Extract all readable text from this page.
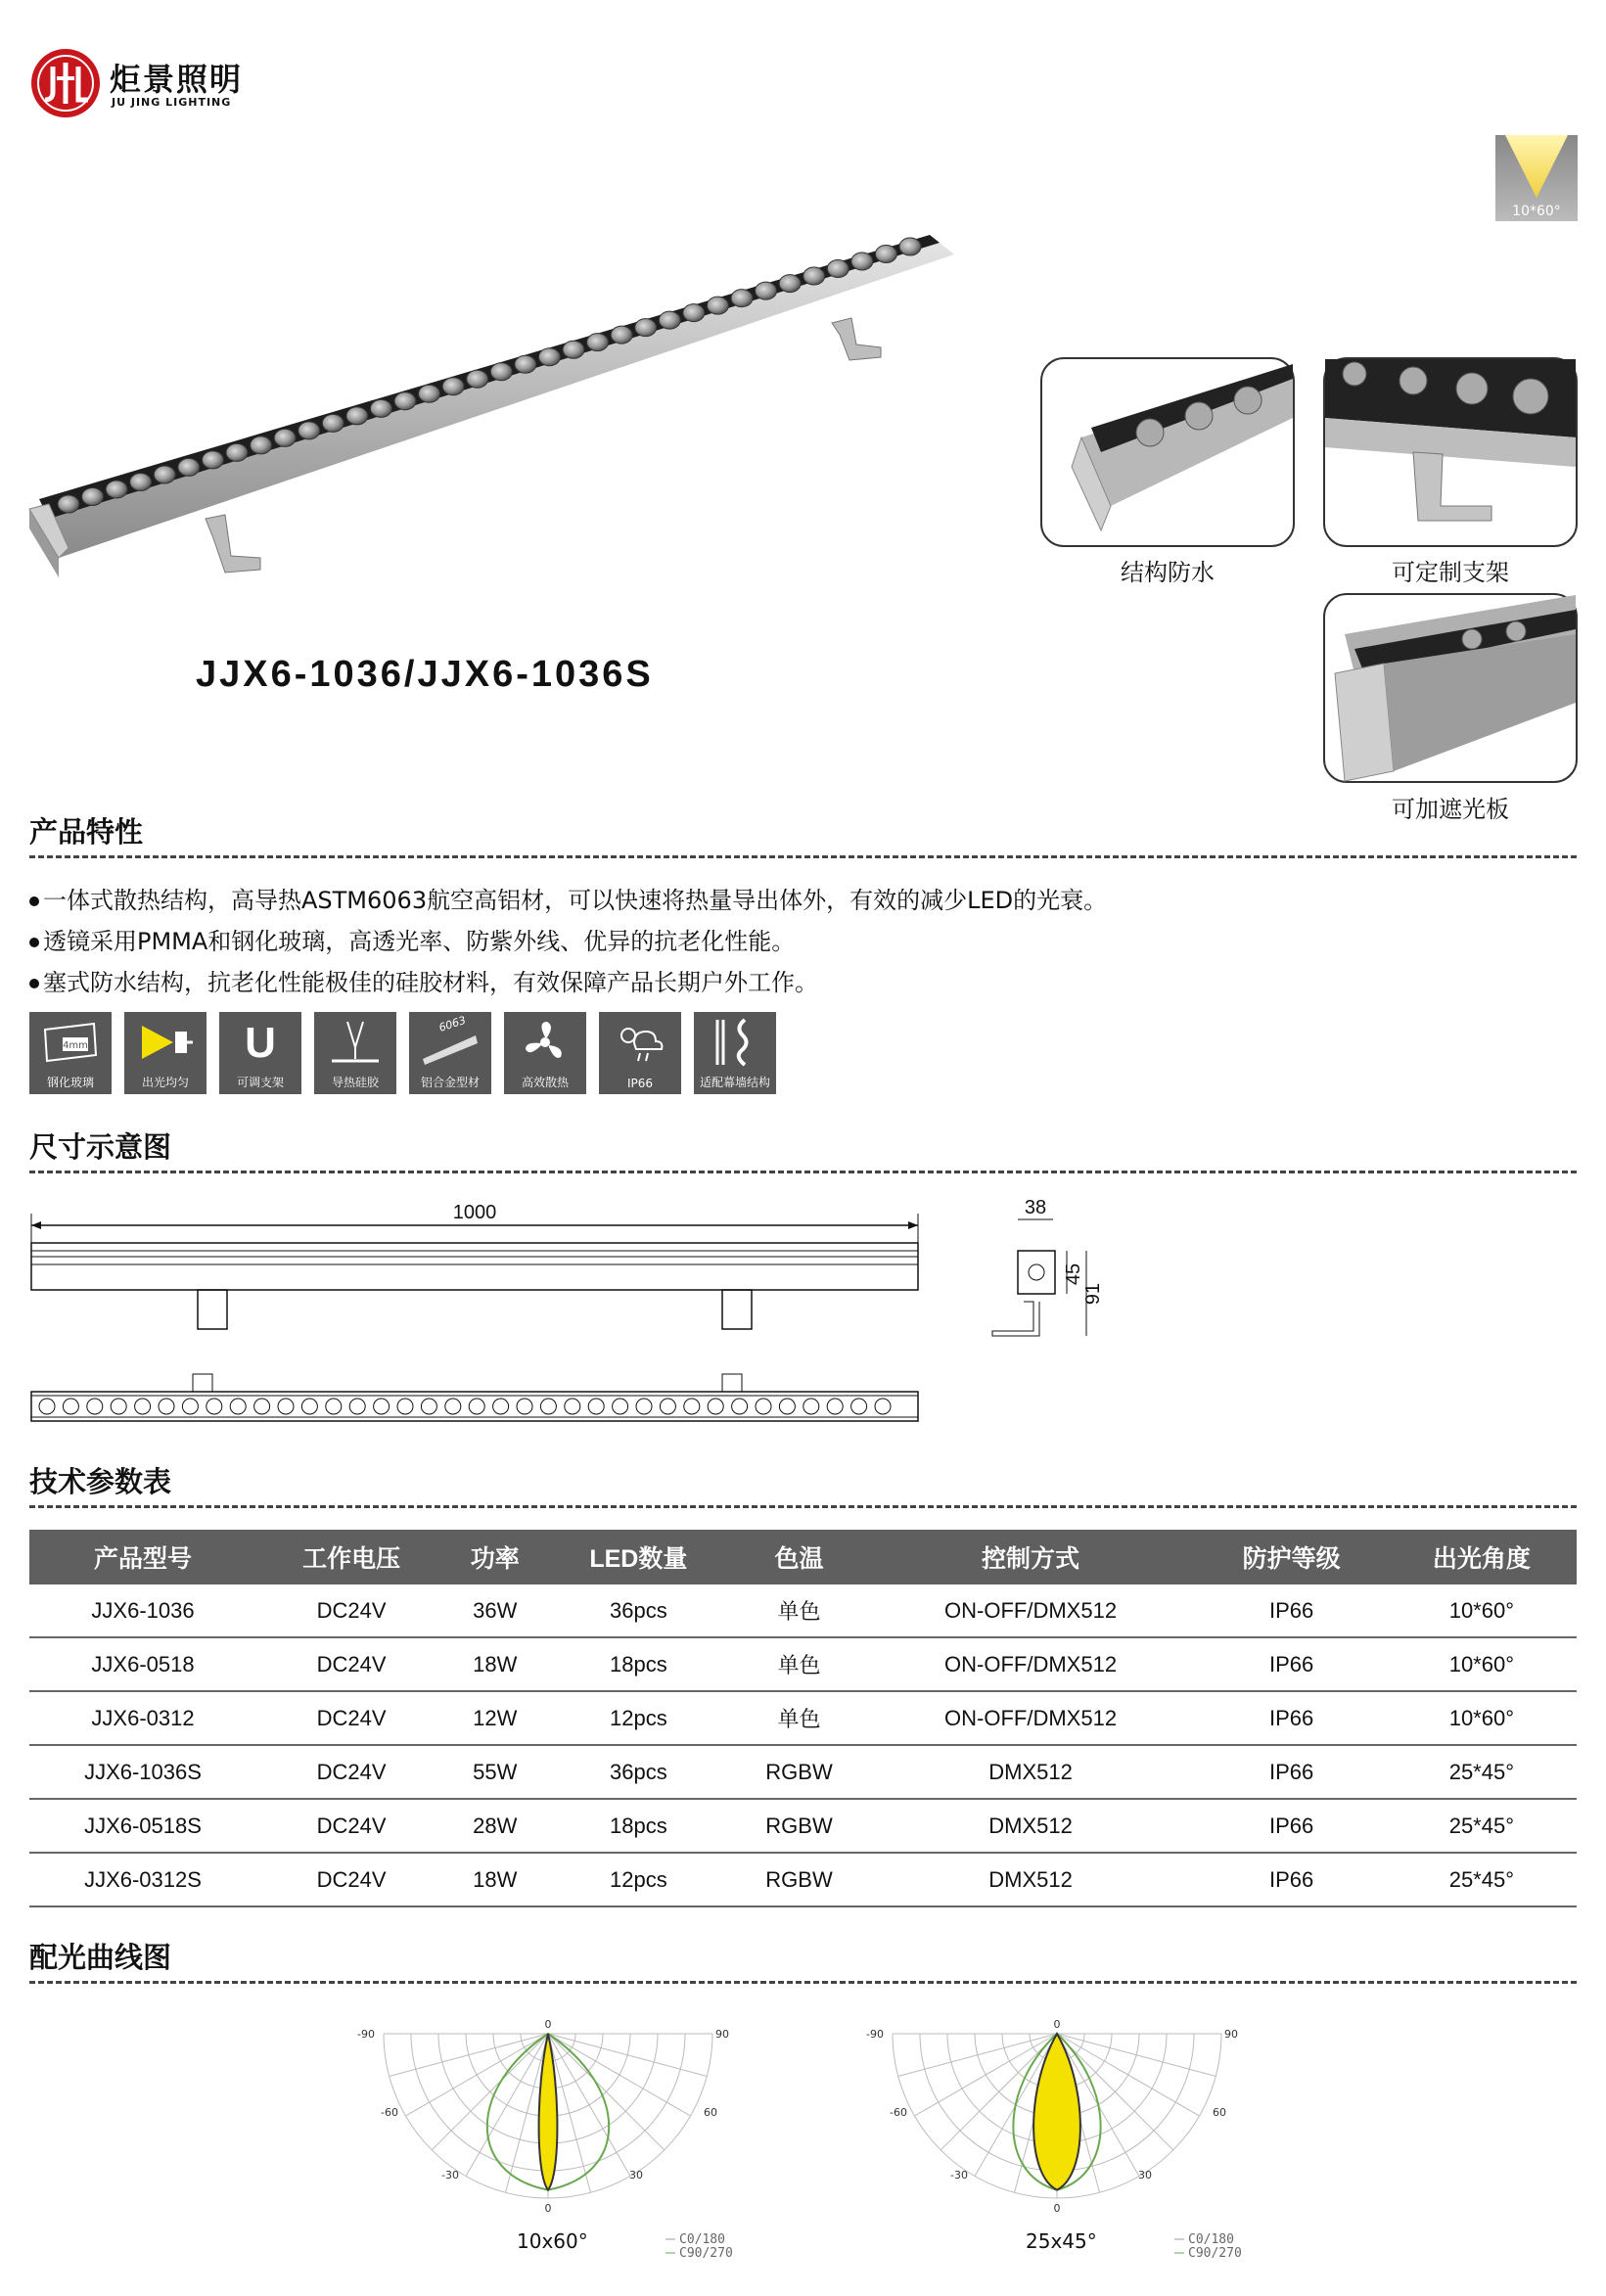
炬景照明
JU JING LIGHTING
10*60°
结构防水	可定制支架
可加遮光板
JJX6-1036/JJX6-1036S
产品特性
一体式散热结构，高导热ASTM6063航空高铝材，可以快速将热量导出体外，有效的减少LED的光衰。
透镜采用PMMA和钢化玻璃，高透光率、防紫外线、优异的抗老化性能。
塞式防水结构，抗老化性能极佳的硅胶材料，有效保障产品长期户外工作。
4mm
钢化玻璃	出光均匀
U
可调支架	导热硅胶
6063
铝合金型材	高效散热	IP66	适配幕墙结构
尺寸示意图
1000	38
45
91
技术参数表
产品型号	工作电压	功率	LED数量	色温	控制方式	防护等级	出光角度
JJX6-1036	DC24V	36W	36pcs	单色	ON-OFF/DMX512	IP66	10*60°
JJX6-0518	DC24V	18W	18pcs	单色	ON-OFF/DMX512	IP66	10*60°
JJX6-0312	DC24V	12W	12pcs	单色	ON-OFF/DMX512	IP66	10*60°
JJX6-1036S	DC24V	55W	36pcs	RGBW	DMX512	IP66	25*45°
JJX6-0518S	DC24V	28W	18pcs	RGBW	DMX512	IP66	25*45°
JJX6-0312S	DC24V	18W	12pcs	RGBW	DMX512	IP66	25*45°
配光曲线图
0
-90	90
-60	60
-30	30
0
C0/180
C90/270
10x60°
0
-90	90
-60	60
-30	30
0
C0/180
C90/270
25x45°
